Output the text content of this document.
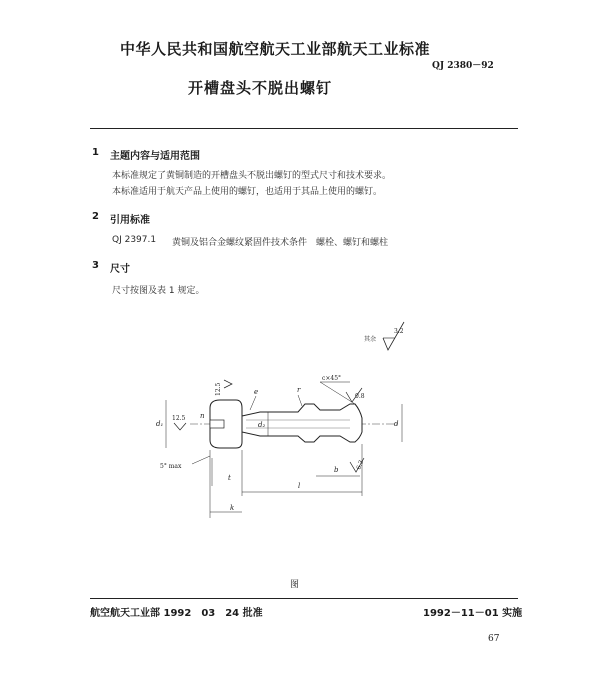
中华人民共和国航空航天工业部航天工业标准
QJ 2380－92
开槽盘头不脱出螺钉
1 主题内容与适用范围
本标准规定了黄铜制造的开槽盘头不脱出螺钉的型式尺寸和技术要求。
本标准适用于航天产品上使用的螺钉，也适用于其品上使用的螺钉。
2 引用标准
QJ 2397.1 黄铜及铝合金螺纹紧固件技术条件　螺栓、螺钉和螺柱
3 尺寸
尺寸按图及表 1 规定。
其余
3.2
12.5
12.5
0.8
c×45°
6.3
d₁	d₂	d
r
e
t
b
l
k
n
5° max
图
航空航天工业部 1992　03　24 批准	1992－11－01 实施
67
